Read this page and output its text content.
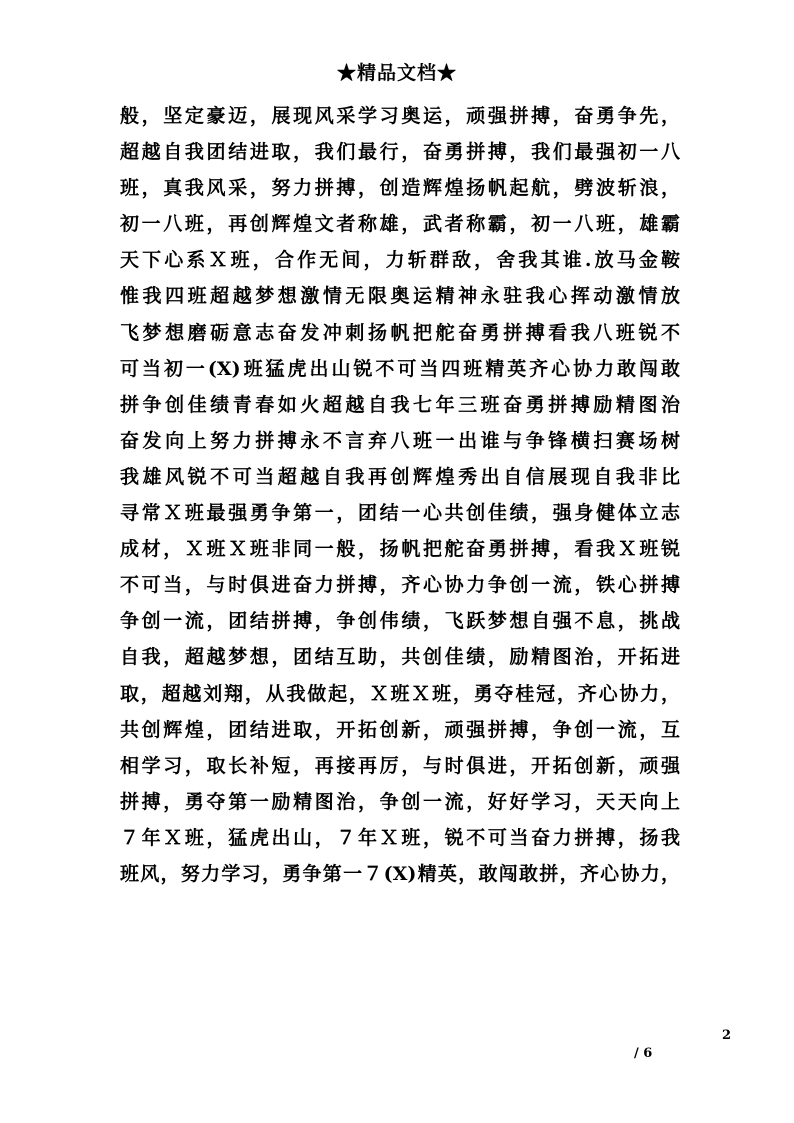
★精品文档★
般，坚定豪迈，展现风采学习奥运，顽强拼搏，奋勇争先，
超越自我团结进取，我们最行，奋勇拼搏，我们最强初一八
班，真我风采，努力拼搏，创造辉煌扬帆起航，劈波斩浪，
初一八班，再创辉煌文者称雄，武者称霸，初一八班，雄霸
天下心系Ｘ班，合作无间，力斩群敌，舍我其谁.放马金鞍
惟我四班超越梦想激情无限奥运精神永驻我心挥动激情放
飞梦想磨砺意志奋发冲刺扬帆把舵奋勇拼搏看我八班锐不
可当初一(X)班猛虎出山锐不可当四班精英齐心协力敢闯敢
拼争创佳绩青春如火超越自我七年三班奋勇拼搏励精图治
奋发向上努力拼搏永不言弃八班一出谁与争锋横扫赛场树
我雄风锐不可当超越自我再创辉煌秀出自信展现自我非比
寻常Ｘ班最强勇争第一，团结一心共创佳绩，强身健体立志
成材，Ｘ班Ｘ班非同一般，扬帆把舵奋勇拼搏，看我Ｘ班锐
不可当，与时俱进奋力拼搏，齐心协力争创一流，铁心拼搏
争创一流，团结拼搏，争创伟绩，飞跃梦想自强不息，挑战
自我，超越梦想，团结互助，共创佳绩，励精图治，开拓进
取，超越刘翔，从我做起，Ｘ班Ｘ班，勇夺桂冠，齐心协力，
共创辉煌，团结进取，开拓创新，顽强拼搏，争创一流，互
相学习，取长补短，再接再厉，与时俱进，开拓创新，顽强
拼搏，勇夺第一励精图治，争创一流，好好学习，天天向上
７年Ｘ班，猛虎出山，７年Ｘ班，锐不可当奋力拼搏，扬我
班风，努力学习，勇争第一７(X)精英，敢闯敢拼，齐心协力，
2
/ 6
